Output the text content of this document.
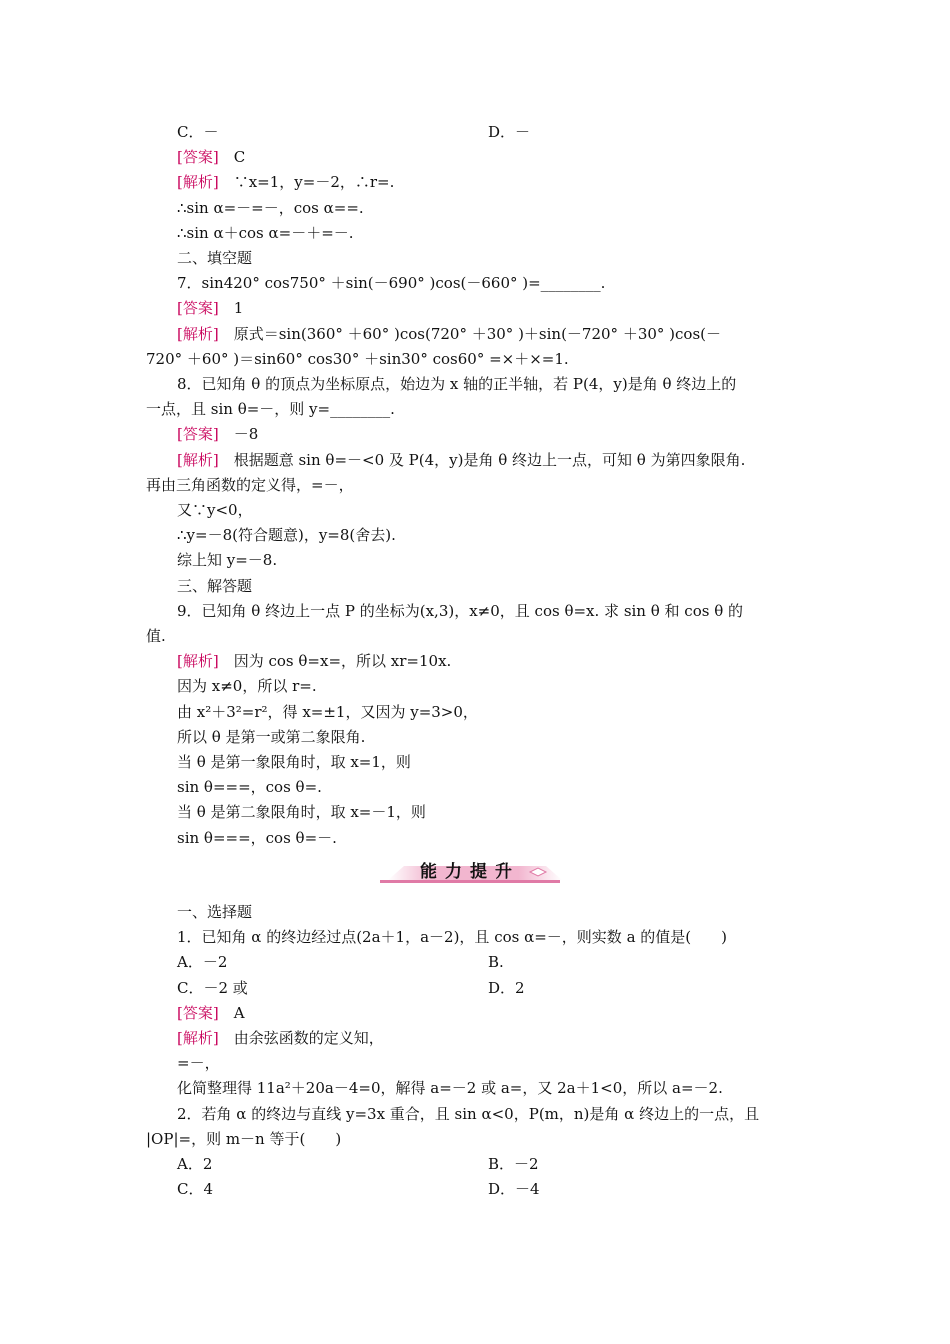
C．－	D．－
[答案]　C
[解析]　∵x=1，y=－2，∴r=.
∴sin α=－=－，cos α==.
∴sin α＋cos α=－＋=－.
二、填空题
7．sin420° cos750° ＋sin(－690° )cos(－660° )=________.
[答案]　1
[解析]　原式＝sin(360° ＋60° )cos(720° ＋30° )＋sin(－720° ＋30° )cos(－
720° ＋60° )＝sin60° cos30° ＋sin30° cos60° =×＋×=1.
8．已知角 θ 的顶点为坐标原点，始边为 x 轴的正半轴，若 P(4，y)是角 θ 终边上的
一点，且 sin θ=－，则 y=________.
[答案]　－8
[解析]　根据题意 sin θ=－<0 及 P(4，y)是角 θ 终边上一点，可知 θ 为第四象限角.
再由三角函数的定义得，=－，
又∵y<0，
∴y=－8(符合题意)，y=8(舍去).
综上知 y=－8.
三、解答题
9．已知角 θ 终边上一点 P 的坐标为(x,3)，x≠0，且 cos θ=x. 求 sin θ 和 cos θ 的
值.
[解析]　因为 cos θ=x=，所以 xr=10x.
因为 x≠0，所以 r=.
由 x²＋3²=r²，得 x=±1，又因为 y=3>0，
所以 θ 是第一或第二象限角.
当 θ 是第一象限角时，取 x=1，则
sin θ===，cos θ=.
当 θ 是第二象限角时，取 x=－1，则
sin θ===，cos θ=－.
能力提升
一、选择题
1．已知角 α 的终边经过点(2a＋1，a－2)，且 cos α=－，则实数 a 的值是(　　)
A．－2	B.
C．－2 或	D．2
[答案]　A
[解析]　由余弦函数的定义知，
=－，
化简整理得 11a²＋20a－4=0，解得 a=－2 或 a=，又 2a＋1<0，所以 a=－2.
2．若角 α 的终边与直线 y=3x 重合，且 sin α<0，P(m，n)是角 α 终边上的一点，且
|OP|=，则 m－n 等于(　　)
A．2	B．－2
C．4	D．－4
